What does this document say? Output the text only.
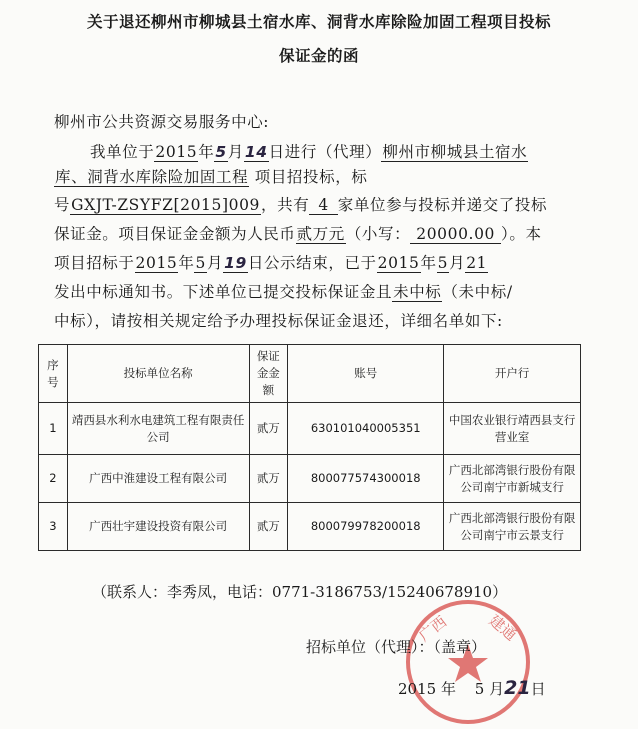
关于退还柳州市柳城县土宿水库、洞背水库除险加固工程项目投标
保证金的函
柳州市公共资源交易服务中心:
我单位于2015年5月14日进行（代理）柳州市柳城县土宿水
库、洞背水库除险加固工程 项目招投标，标
号GXJT-ZSYFZ[2015]009，共有 4 家单位参与投标并递交了投标
保证金。项目保证金金额为人民币贰万元（小写： 20000.00 ）。本
项目招标于2015年5月19日公示结束，已于2015年5月21
发出中标通知书。下述单位已提交投标保证金且未中标（未中标/
中标），请按相关规定给予办理投标保证金退还，详细名单如下:
序号	投标单位名称	保证金金额	账号	开户行
1	靖西县水利水电建筑工程有限责任公司	贰万	630101040005351	中国农业银行靖西县支行营业室
2	广西中淮建设工程有限公司	贰万	800077574300018	广西北部湾银行股份有限公司南宁市新城支行
3	广西壮宇建设投资有限公司	贰万	800079978200018	广西北部湾银行股份有限公司南宁市云景支行
（联系人：李秀凤，电话：0771-3186753/15240678910）
广西 建通
招标单位（代理）：（盖章）
2015 年 5 月21日
